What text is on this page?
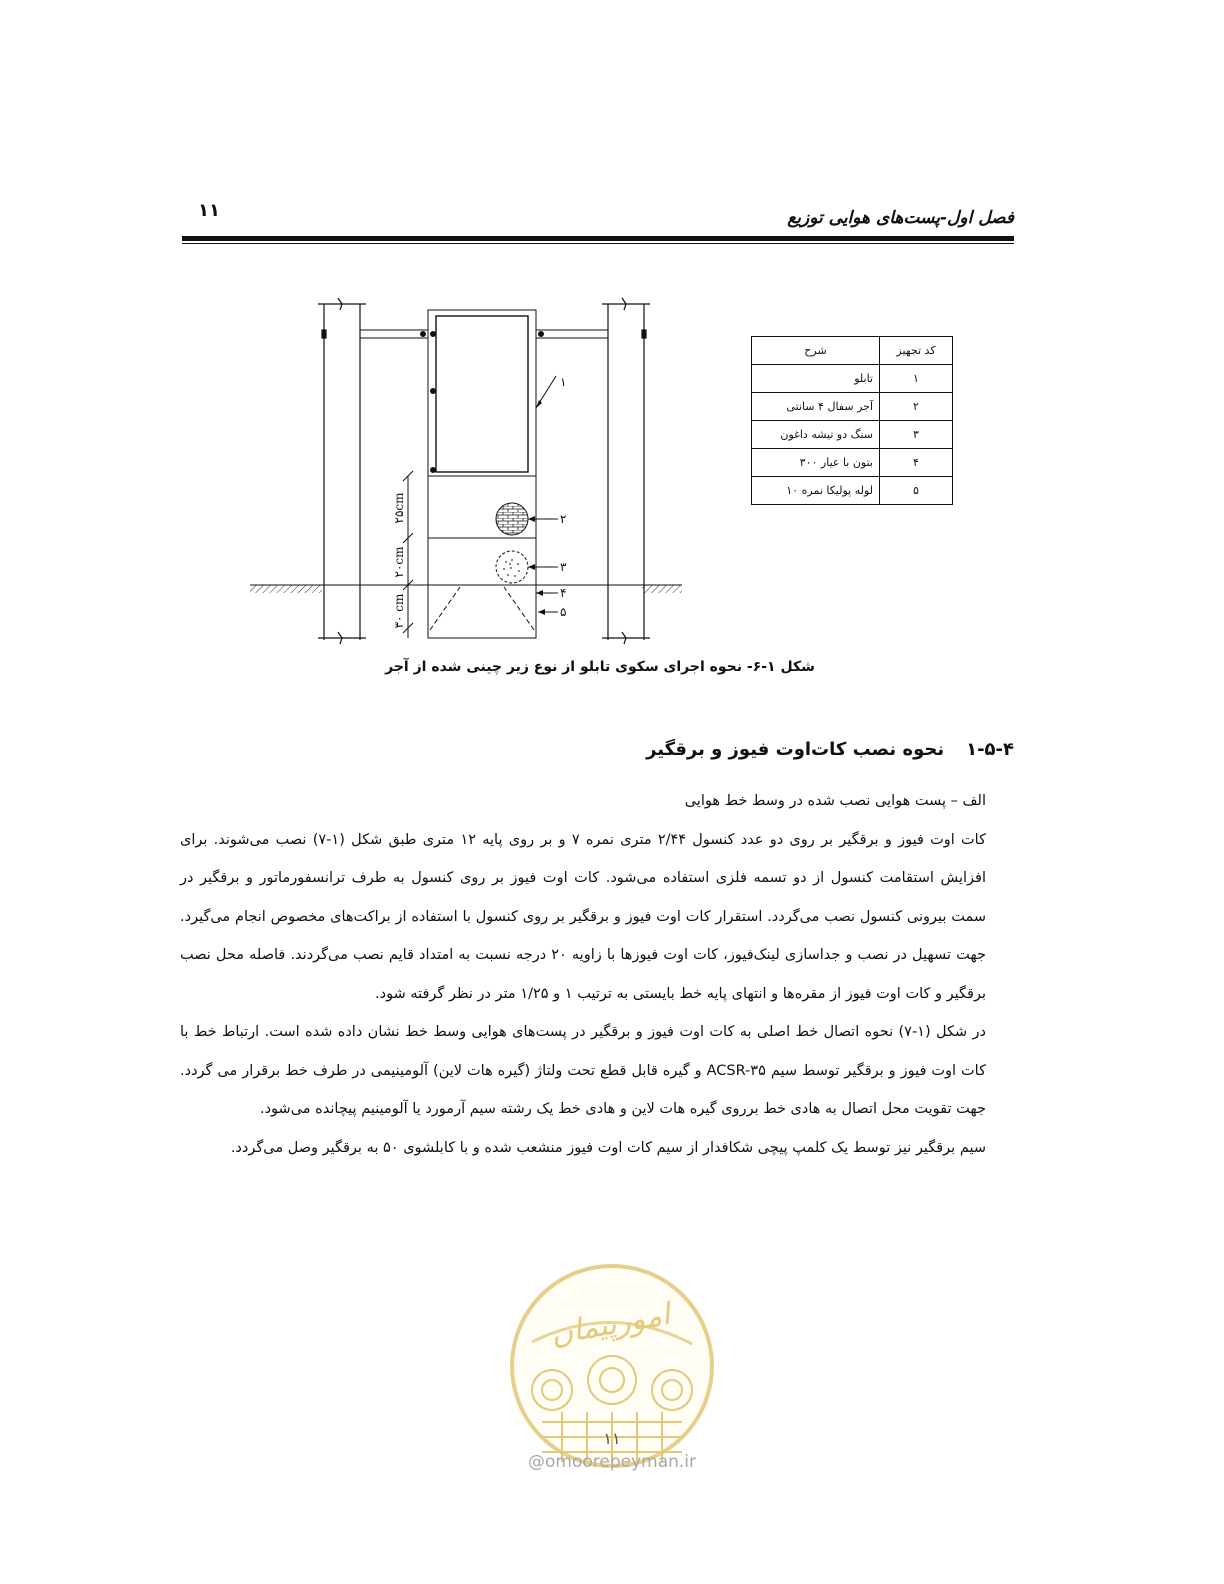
فصل اول-پست‌های هوایی توزیع
۱۱
۲۵cm
۲۰cm
۳۰ cm
۱
۲
۳
۴
۵
کد تجهیز	شرح
۱	تابلو
۲	آجر سفال ۴ سانتی
۳	سنگ دو تیشه داغون
۴	بتون با عیار ۳۰۰
۵	لوله پولیکا نمره ۱۰
شکل ۱-۶- نحوه اجرای سکوی تابلو از نوع زیر چینی شده از آجر
۱-۵-۴نحوه نصب کات‌اوت فیوز و برقگیر

الف – پست هوایی نصب شده در وسط خط هوایی

کات اوت فیوز و برقگیر بر روی دو عدد کنسول ۲/۴۴ متری نمره ۷ و بر روی پایه ۱۲ متری طبق شکل (۱-۷) نصب می‌شوند. برای افزایش استقامت کنسول از دو تسمه فلزی استفاده می‌شود. کات اوت فیوز بر روی کنسول به طرف ترانسفورماتور و برقگیر در سمت بیرونی کنسول نصب می‌گردد. استقرار کات اوت فیوز و برقگیر بر روی کنسول با استفاده از براکت‌های مخصوص انجام می‌گیرد. جهت تسهیل در نصب و جداسازی لینک‌فیوز، کات اوت فیوزها با زاویه ۲۰ درجه نسبت به امتداد قایم نصب می‌گردند. فاصله محل نصب برقگیر و کات اوت فیوز از مقره‌ها و انتهای پایه خط بایستی به ترتیب ۱ و ۱/۲۵ متر در نظر گرفته شود.

در شکل (۱-۷) نحوه اتصال خط اصلی به کات اوت فیوز و برقگیر در پست‌های هوایی وسط خط نشان داده شده است. ارتباط خط با کات اوت فیوز و برقگیر توسط سیم ACSR-۳۵ و گیره قابل قطع تحت ولتاژ (گیره هات لاین) آلومینیمی در طرف خط برقرار می گردد. جهت تقویت محل اتصال به هادی خط برروی گیره هات لاین و هادی خط یک رشته سیم آرمورد یا آلومینیم پیچانده می‌شود.

سیم برقگیر نیز توسط یک کلمپ پیچی شکافدار از سیم کات اوت فیوز منشعب شده و با کابلشوی ۵۰ به برقگیر وصل می‌گردد.

امورپیمان
۱۱
@omoorepeyman.ir
